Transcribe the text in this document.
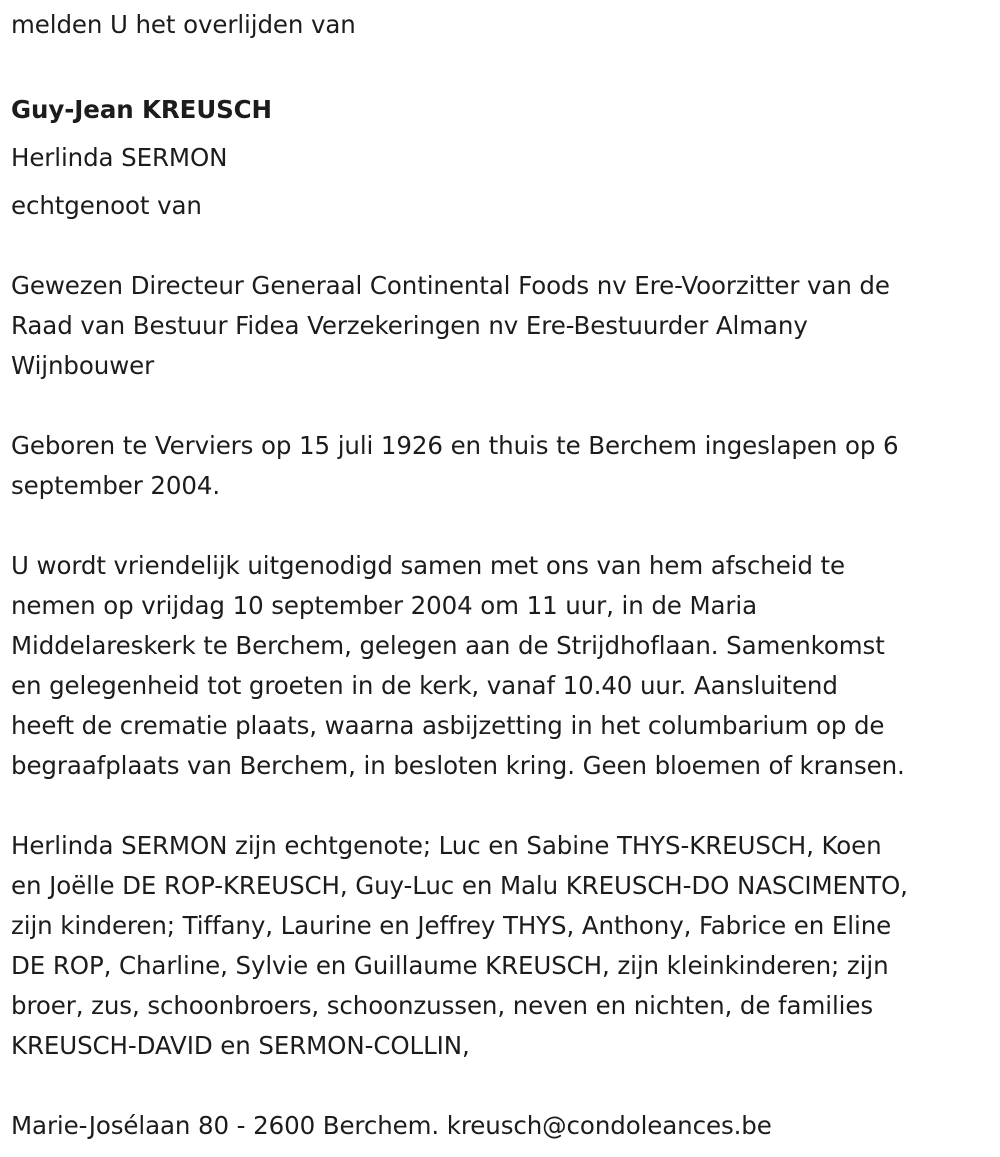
melden U het overlijden van

Guy-Jean KREUSCH

Herlinda SERMON

echtgenoot van

Gewezen Directeur Generaal Continental Foods nv Ere-Voorzitter van de

Raad van Bestuur Fidea Verzekeringen nv Ere-Bestuurder Almany

Wijnbouwer

Geboren te Verviers op 15 juli 1926 en thuis te Berchem ingeslapen op 6

september 2004.

U wordt vriendelijk uitgenodigd samen met ons van hem afscheid te

nemen op vrijdag 10 september 2004 om 11 uur, in de Maria

Middelareskerk te Berchem, gelegen aan de Strijdhoflaan. Samenkomst

en gelegenheid tot groeten in de kerk, vanaf 10.40 uur. Aansluitend

heeft de crematie plaats, waarna asbijzetting in het columbarium op de

begraafplaats van Berchem, in besloten kring. Geen bloemen of kransen.

Herlinda SERMON zijn echtgenote; Luc en Sabine THYS-KREUSCH, Koen

en Joëlle DE ROP-KREUSCH, Guy-Luc en Malu KREUSCH-DO NASCIMENTO,

zijn kinderen; Tiffany, Laurine en Jeffrey THYS, Anthony, Fabrice en Eline

DE ROP, Charline, Sylvie en Guillaume KREUSCH, zijn kleinkinderen; zijn

broer, zus, schoonbroers, schoonzussen, neven en nichten, de families

KREUSCH-DAVID en SERMON-COLLIN,

Marie-Josélaan 80 - 2600 Berchem. kreusch@condoleances.be
